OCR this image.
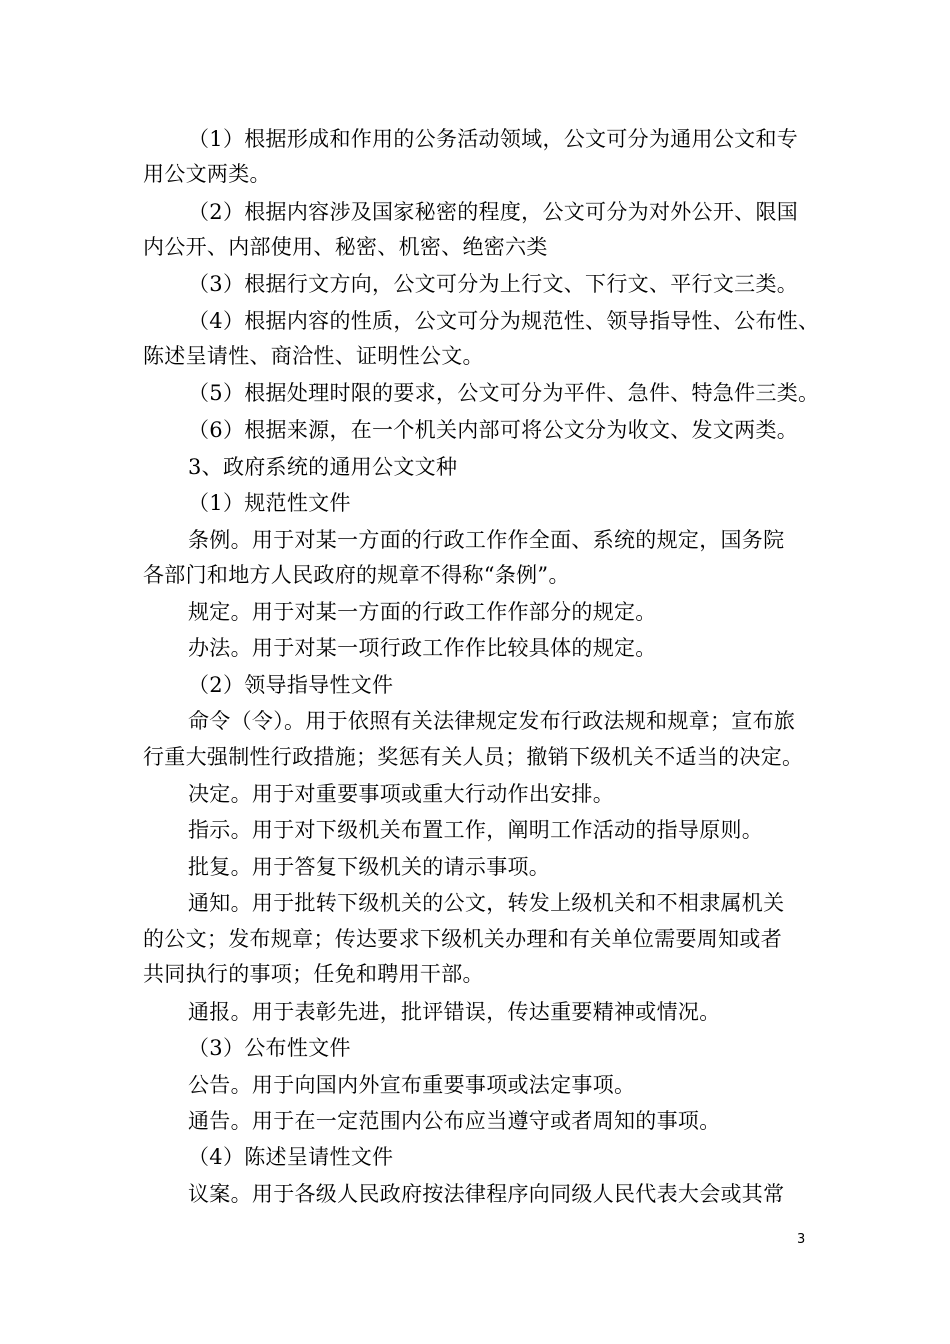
（1）根据形成和作用的公务活动领域，公文可分为通用公文和专
用公文两类。
（2）根据内容涉及国家秘密的程度，公文可分为对外公开、限国
内公开、内部使用、秘密、机密、绝密六类
（3）根据行文方向，公文可分为上行文、下行文、平行文三类。
（4）根据内容的性质，公文可分为规范性、领导指导性、公布性、
陈述呈请性、商洽性、证明性公文。
（5）根据处理时限的要求，公文可分为平件、急件、特急件三类。
（6）根据来源，在一个机关内部可将公文分为收文、发文两类。
3、政府系统的通用公文文种
（1）规范性文件
条例。用于对某一方面的行政工作作全面、系统的规定，国务院
各部门和地方人民政府的规章不得称“条例”。
规定。用于对某一方面的行政工作作部分的规定。
办法。用于对某一项行政工作作比较具体的规定。
（2）领导指导性文件
命令（令）。用于依照有关法律规定发布行政法规和规章；宣布旅
行重大强制性行政措施；奖惩有关人员；撤销下级机关不适当的决定。
决定。用于对重要事项或重大行动作出安排。
指示。用于对下级机关布置工作，阐明工作活动的指导原则。
批复。用于答复下级机关的请示事项。
通知。用于批转下级机关的公文，转发上级机关和不相隶属机关
的公文；发布规章；传达要求下级机关办理和有关单位需要周知或者
共同执行的事项；任免和聘用干部。
通报。用于表彰先进，批评错误，传达重要精神或情况。
（3）公布性文件
公告。用于向国内外宣布重要事项或法定事项。
通告。用于在一定范围内公布应当遵守或者周知的事项。
（4）陈述呈请性文件
议案。用于各级人民政府按法律程序向同级人民代表大会或其常
3
